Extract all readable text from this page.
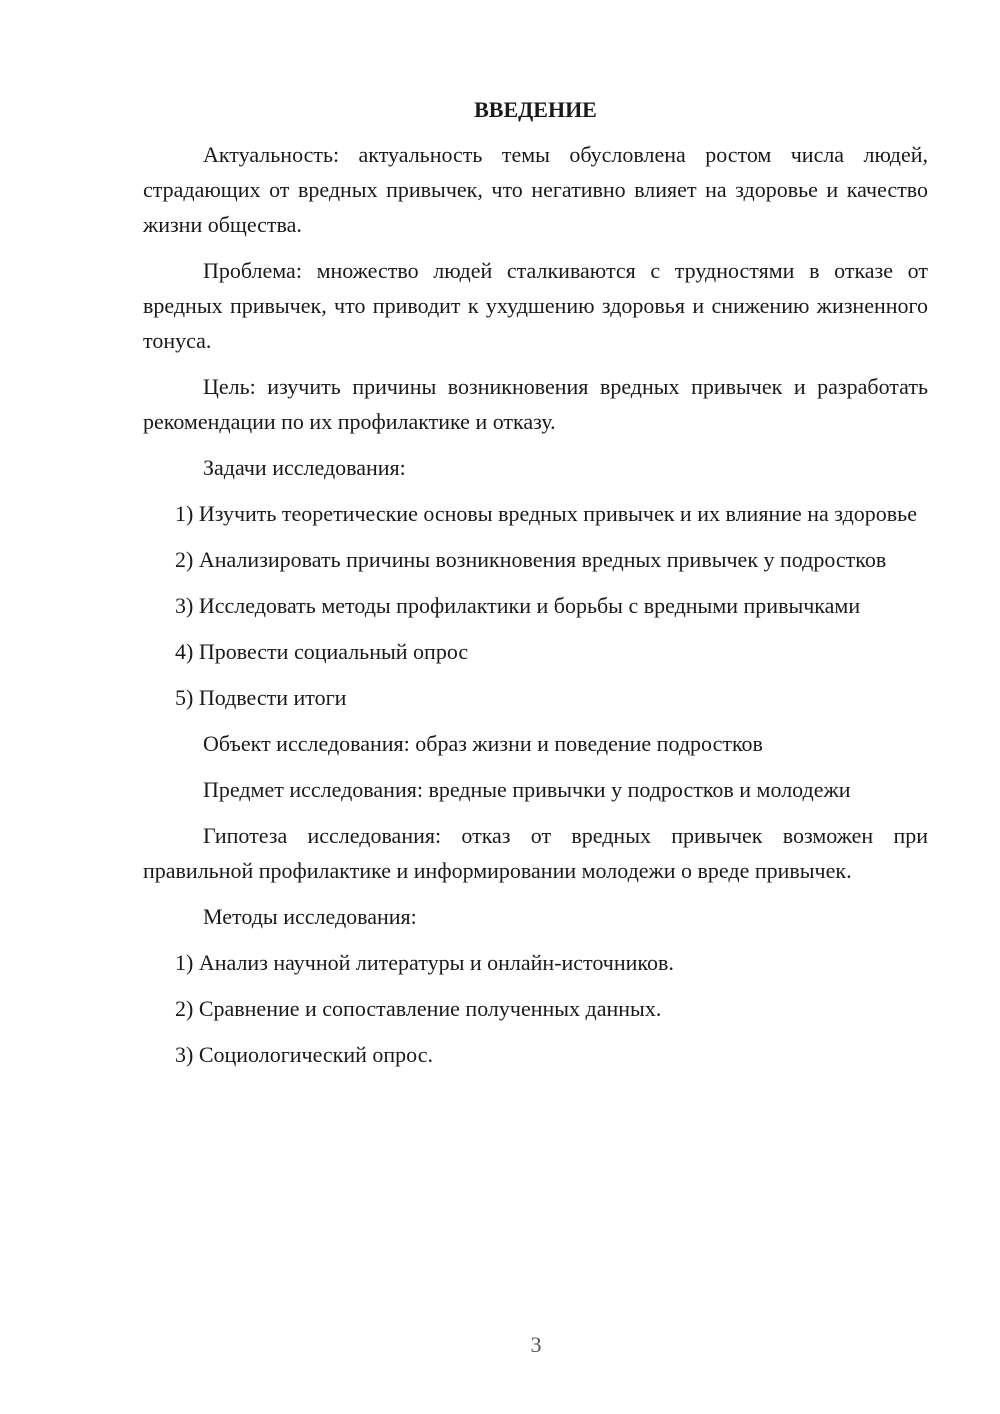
ВВЕДЕНИЕ

Актуальность: актуальность темы обусловлена ростом числа людей, страдающих от вредных привычек, что негативно влияет на здоровье и качество жизни общества.

Проблема: множество людей сталкиваются с трудностями в отказе от вредных привычек, что приводит к ухудшению здоровья и снижению жизненного тонуса.

Цель: изучить причины возникновения вредных привычек и разработать рекомендации по их профилактике и отказу.

Задачи исследования:

1) Изучить теоретические основы вредных привычек и их влияние на здоровье

2) Анализировать причины возникновения вредных привычек у подростков

3) Исследовать методы профилактики и борьбы с вредными привычками

4) Провести социальный опрос

5) Подвести итоги

Объект исследования: образ жизни и поведение подростков

Предмет исследования: вредные привычки у подростков и молодежи

Гипотеза исследования: отказ от вредных привычек возможен при правильной профилактике и информировании молодежи о вреде привычек.

Методы исследования:

1) Анализ научной литературы и онлайн-источников.

2) Сравнение и сопоставление полученных данных.

3) Социологический опрос.

3
